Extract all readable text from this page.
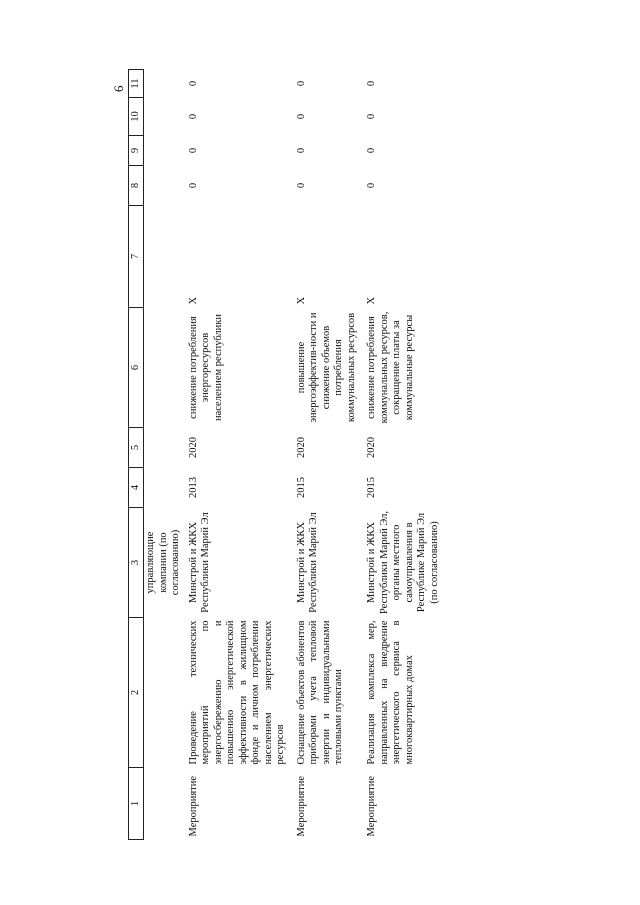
6
1	2	3	4	5	6	7	8	9	10	11
		управляющие компании (по согласованию)								
Мероприятие	Проведение технических мероприятий по энергосбережению и повышению энергетической эффективности в жилищном фонде и личном потреблении населением энергетических ресурсов	Минстрой и ЖКХ Республики Марий Эл	2013	2020	снижение потребления энергоресурсов населением республики	X	0	0	0	0
Мероприятие	Оснащение объектов абонентов приборами учета тепловой энергии и индивидуальными тепловыми пунктами	Минстрой и ЖКХ Республики Марий Эл	2015	2020	повышение энергоэффектив-ности и снижение объемов потребления коммунальных ресурсов	X	0	0	0	0
Мероприятие	Реализация комплекса мер, направленных на внедрение энергетического сервиса в многоквартирных домах	Минстрой и ЖКХ Республики Марий Эл, органы местного самоуправления в Республике Марий Эл (по согласованию)	2015	2020	снижение потребления коммунальных ресурсов, сокращение платы за коммунальные ресурсы	X	0	0	0	0
